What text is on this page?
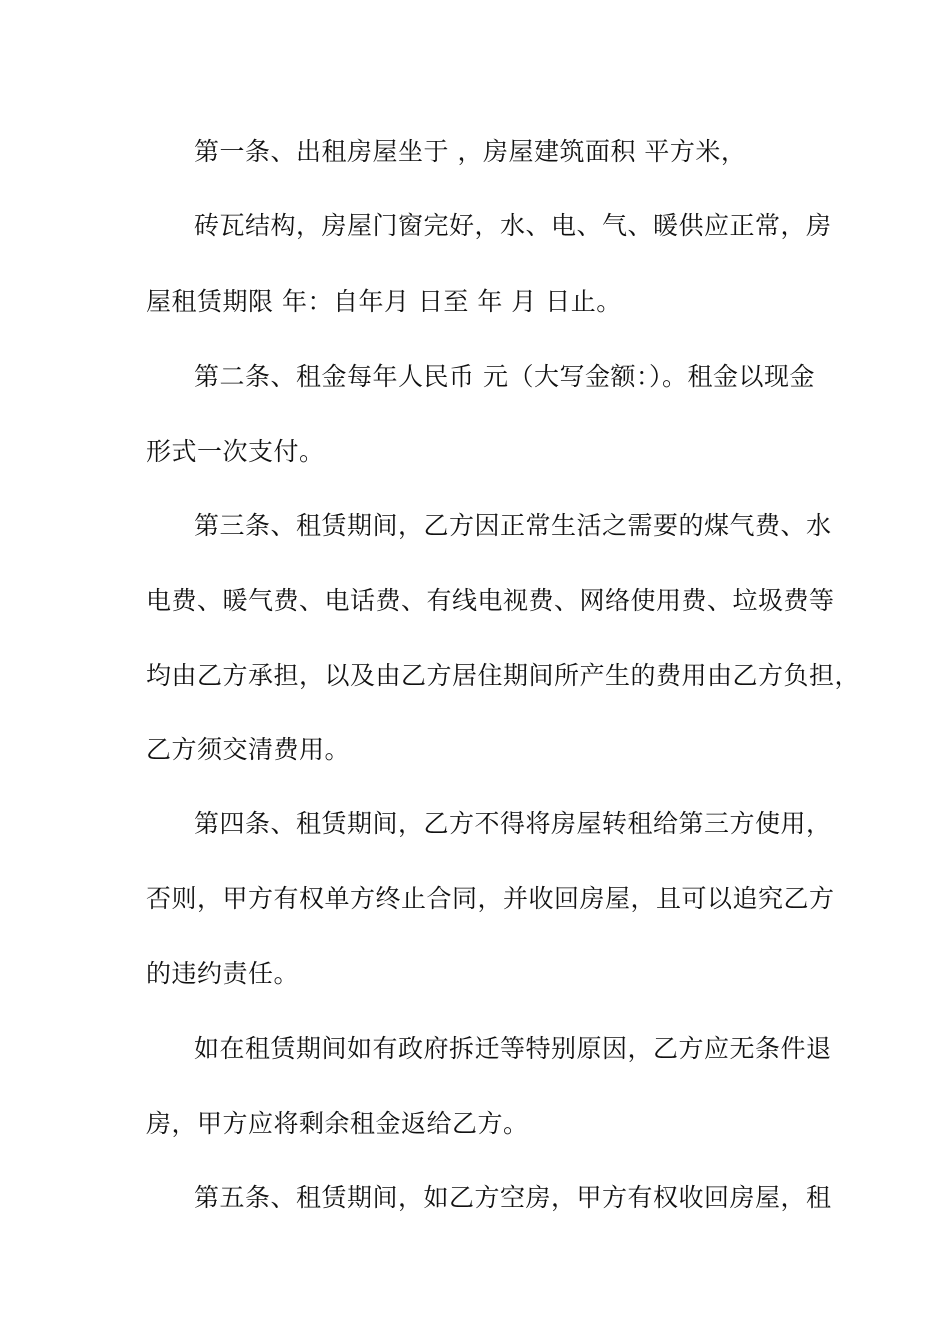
第一条、出租房屋坐于 ，房屋建筑面积 平方米，
砖瓦结构，房屋门窗完好，水、电、气、暖供应正常，房
屋租赁期限 年：自年月 日至 年 月 日止。
第二条、租金每年人民币 元（大写金额：）。租金以现金
形式一次支付。
第三条、租赁期间，乙方因正常生活之需要的煤气费、水
电费、暖气费、电话费、有线电视费、网络使用费、垃圾费等
均由乙方承担，以及由乙方居住期间所产生的费用由乙方负担，
乙方须交清费用。
第四条、租赁期间，乙方不得将房屋转租给第三方使用，
否则，甲方有权单方终止合同，并收回房屋，且可以追究乙方
的违约责任。
如在租赁期间如有政府拆迁等特别原因，乙方应无条件退
房，甲方应将剩余租金返给乙方。
第五条、租赁期间，如乙方空房，甲方有权收回房屋，租
